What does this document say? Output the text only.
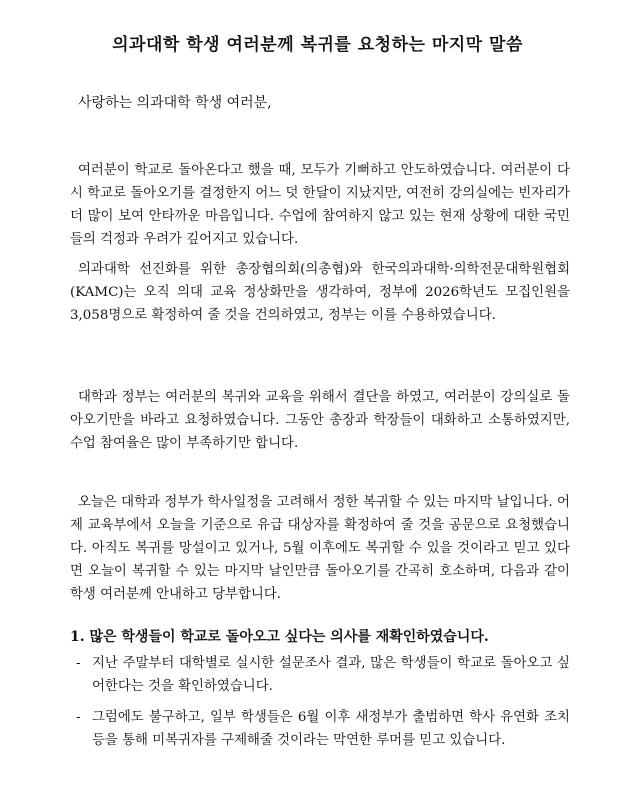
의과대학 학생 여러분께 복귀를 요청하는 마지막 말씀
사랑하는 의과대학 학생 여러분,

여러분이 학교로 돌아온다고 했을 때, 모두가 기뻐하고 안도하였습니다. 여러분이 다시 학교로 돌아오기를 결정한지 어느 덧 한달이 지났지만, 여전히 강의실에는 빈자리가 더 많이 보여 안타까운 마음입니다. 수업에 참여하지 않고 있는 현재 상황에 대한 국민들의 걱정과 우려가 깊어지고 있습니다.

의과대학 선진화를 위한 총장협의회(의총협)와 한국의과대학·의학전문대학원협회(KAMC)는 오직 의대 교육 정상화만을 생각하여, 정부에 2026학년도 모집인원을 3,058명으로 확정하여 줄 것을 건의하였고, 정부는 이를 수용하였습니다.

대학과 정부는 여러분의 복귀와 교육을 위해서 결단을 하였고, 여러분이 강의실로 돌아오기만을 바라고 요청하였습니다. 그동안 총장과 학장들이 대화하고 소통하였지만, 수업 참여율은 많이 부족하기만 합니다.

오늘은 대학과 정부가 학사일정을 고려해서 정한 복귀할 수 있는 마지막 날입니다. 어제 교육부에서 오늘을 기준으로 유급 대상자를 확정하여 줄 것을 공문으로 요청했습니다. 아직도 복귀를 망설이고 있거나, 5월 이후에도 복귀할 수 있을 것이라고 믿고 있다면 오늘이 복귀할 수 있는 마지막 날인만큼 돌아오기를 간곡히 호소하며, 다음과 같이 학생 여러분께 안내하고 당부합니다.

1. 많은 학생들이 학교로 돌아오고 싶다는 의사를 재확인하였습니다.
- 지난 주말부터 대학별로 실시한 설문조사 결과, 많은 학생들이 학교로 돌아오고 싶어한다는 것을 확인하였습니다.
- 그럼에도 불구하고, 일부 학생들은 6월 이후 새정부가 출범하면 학사 유연화 조치 등을 통해 미복귀자를 구제해줄 것이라는 막연한 루머를 믿고 있습니다.
